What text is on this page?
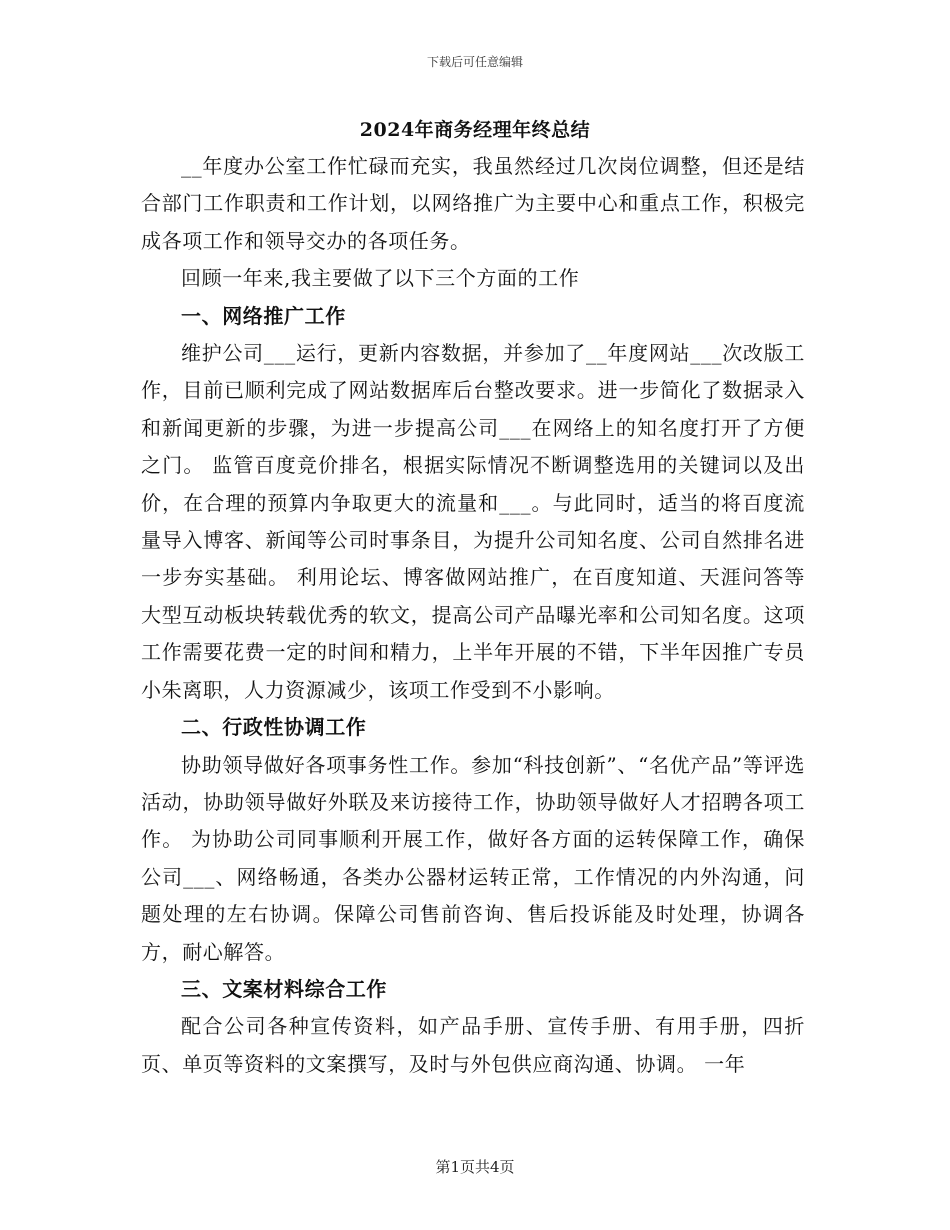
下载后可任意编辑
2024年商务经理年终总结

__年度办公室工作忙碌而充实，我虽然经过几次岗位调整，但还是结合部门工作职责和工作计划，以网络推广为主要中心和重点工作，积极完成各项工作和领导交办的各项任务。

回顾一年来,我主要做了以下三个方面的工作

一、网络推广工作

维护公司___运行，更新内容数据，并参加了__年度网站___次改版工作，目前已顺利完成了网站数据库后台整改要求。进一步简化了数据录入和新闻更新的步骤，为进一步提高公司___在网络上的知名度打开了方便之门。 监管百度竞价排名，根据实际情况不断调整选用的关键词以及出价，在合理的预算内争取更大的流量和___。与此同时，适当的将百度流量导入博客、新闻等公司时事条目，为提升公司知名度、公司自然排名进一步夯实基础。 利用论坛、博客做网站推广，在百度知道、天涯问答等大型互动板块转载优秀的软文，提高公司产品曝光率和公司知名度。这项工作需要花费一定的时间和精力，上半年开展的不错，下半年因推广专员小朱离职，人力资源减少，该项工作受到不小影响。

二、行政性协调工作

协助领导做好各项事务性工作。参加“科技创新”、“名优产品”等评选活动，协助领导做好外联及来访接待工作，协助领导做好人才招聘各项工作。 为协助公司同事顺利开展工作，做好各方面的运转保障工作，确保公司___、网络畅通，各类办公器材运转正常，工作情况的内外沟通，问题处理的左右协调。保障公司售前咨询、售后投诉能及时处理，协调各方，耐心解答。

三、文案材料综合工作

配合公司各种宣传资料，如产品手册、宣传手册、有用手册，四折页、单页等资料的文案撰写，及时与外包供应商沟通、协调。 一年

第1页共4页
